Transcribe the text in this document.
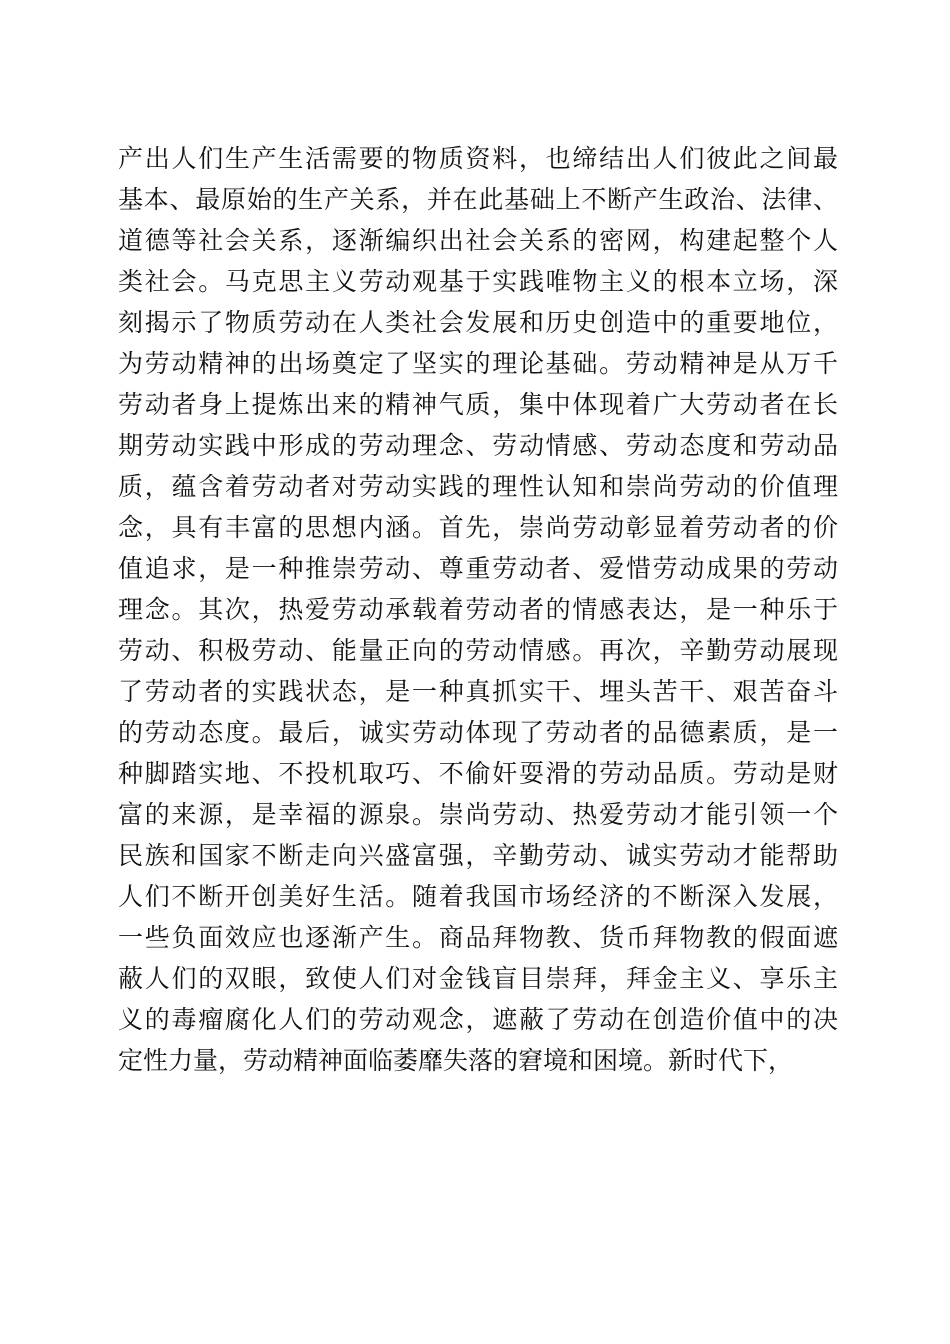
产出人们生产生活需要的物质资料，也缔结出人们彼此之间最
基本、最原始的生产关系，并在此基础上不断产生政治、法律、
道德等社会关系，逐渐编织出社会关系的密网，构建起整个人
类社会。马克思主义劳动观基于实践唯物主义的根本立场，深
刻揭示了物质劳动在人类社会发展和历史创造中的重要地位，
为劳动精神的出场奠定了坚实的理论基础。劳动精神是从万千
劳动者身上提炼出来的精神气质，集中体现着广大劳动者在长
期劳动实践中形成的劳动理念、劳动情感、劳动态度和劳动品
质，蕴含着劳动者对劳动实践的理性认知和崇尚劳动的价值理
念，具有丰富的思想内涵。首先，崇尚劳动彰显着劳动者的价
值追求，是一种推崇劳动、尊重劳动者、爱惜劳动成果的劳动
理念。其次，热爱劳动承载着劳动者的情感表达，是一种乐于
劳动、积极劳动、能量正向的劳动情感。再次，辛勤劳动展现
了劳动者的实践状态，是一种真抓实干、埋头苦干、艰苦奋斗
的劳动态度。最后，诚实劳动体现了劳动者的品德素质，是一
种脚踏实地、不投机取巧、不偷奸耍滑的劳动品质。劳动是财
富的来源，是幸福的源泉。崇尚劳动、热爱劳动才能引领一个
民族和国家不断走向兴盛富强，辛勤劳动、诚实劳动才能帮助
人们不断开创美好生活。随着我国市场经济的不断深入发展，
一些负面效应也逐渐产生。商品拜物教、货币拜物教的假面遮
蔽人们的双眼，致使人们对金钱盲目崇拜，拜金主义、享乐主
义的毒瘤腐化人们的劳动观念，遮蔽了劳动在创造价值中的决
定性力量，劳动精神面临萎靡失落的窘境和困境。新时代下，
